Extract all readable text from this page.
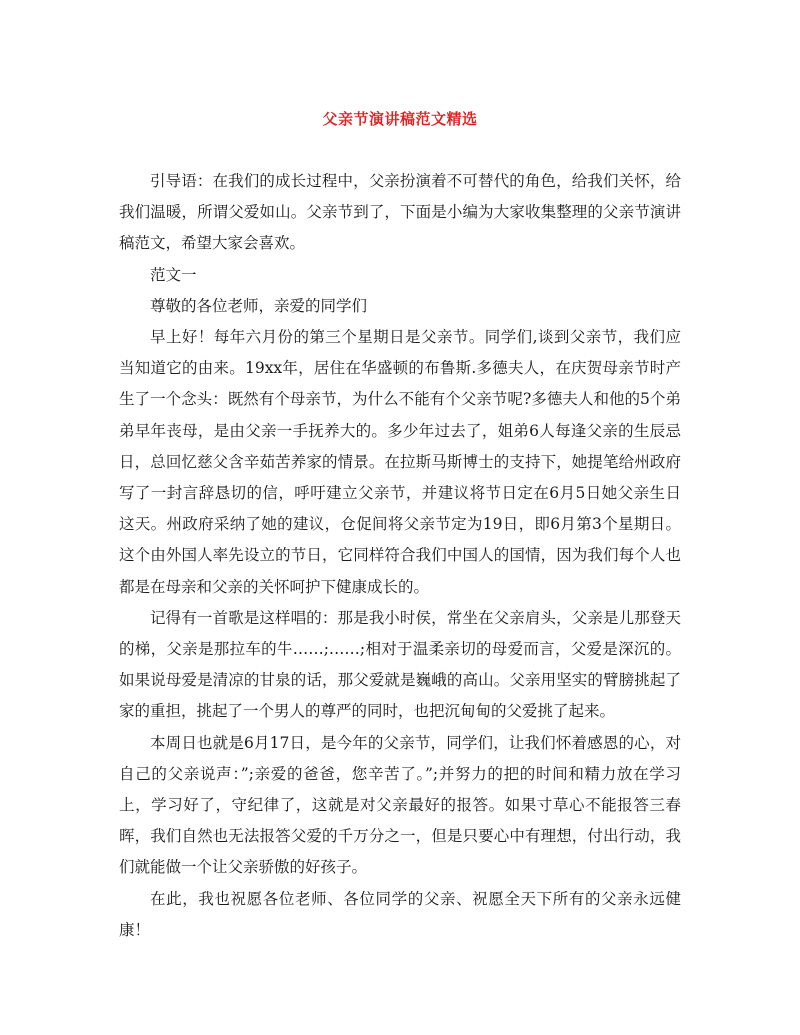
父亲节演讲稿范文精选

引导语：在我们的成长过程中，父亲扮演着不可替代的角色，给我们关怀，给我们温暖，所谓父爱如山。父亲节到了，下面是小编为大家收集整理的父亲节演讲稿范文，希望大家会喜欢。

范文一

尊敬的各位老师，亲爱的同学们

早上好！每年六月份的第三个星期日是父亲节。同学们,谈到父亲节，我们应当知道它的由来。19xx年，居住在华盛顿的布鲁斯.多德夫人，在庆贺母亲节时产生了一个念头：既然有个母亲节，为什么不能有个父亲节呢?多德夫人和他的5个弟弟早年丧母，是由父亲一手抚养大的。多少年过去了，姐弟6人每逢父亲的生辰忌日，总回忆慈父含辛茹苦养家的情景。在拉斯马斯博士的支持下，她提笔给州政府写了一封言辞恳切的信，呼吁建立父亲节，并建议将节日定在6月5日她父亲生日这天。州政府采纳了她的建议，仓促间将父亲节定为19日，即6月第3个星期日。这个由外国人率先设立的节日，它同样符合我们中国人的国情，因为我们每个人也都是在母亲和父亲的关怀呵护下健康成长的。

记得有一首歌是这样唱的：那是我小时侯，常坐在父亲肩头，父亲是儿那登天的梯，父亲是那拉车的牛……;……;相对于温柔亲切的母爱而言，父爱是深沉的。如果说母爱是清凉的甘泉的话，那父爱就是巍峨的高山。父亲用坚实的臂膀挑起了家的重担，挑起了一个男人的尊严的同时，也把沉甸甸的父爱挑了起来。

本周日也就是6月17日，是今年的父亲节，同学们，让我们怀着感恩的心，对自己的父亲说声：”;亲爱的爸爸，您辛苦了。”;并努力的把的时间和精力放在学习上，学习好了，守纪律了，这就是对父亲最好的报答。如果寸草心不能报答三春晖，我们自然也无法报答父爱的千万分之一，但是只要心中有理想，付出行动，我们就能做一个让父亲骄傲的好孩子。

在此，我也祝愿各位老师、各位同学的父亲、祝愿全天下所有的父亲永远健康！
